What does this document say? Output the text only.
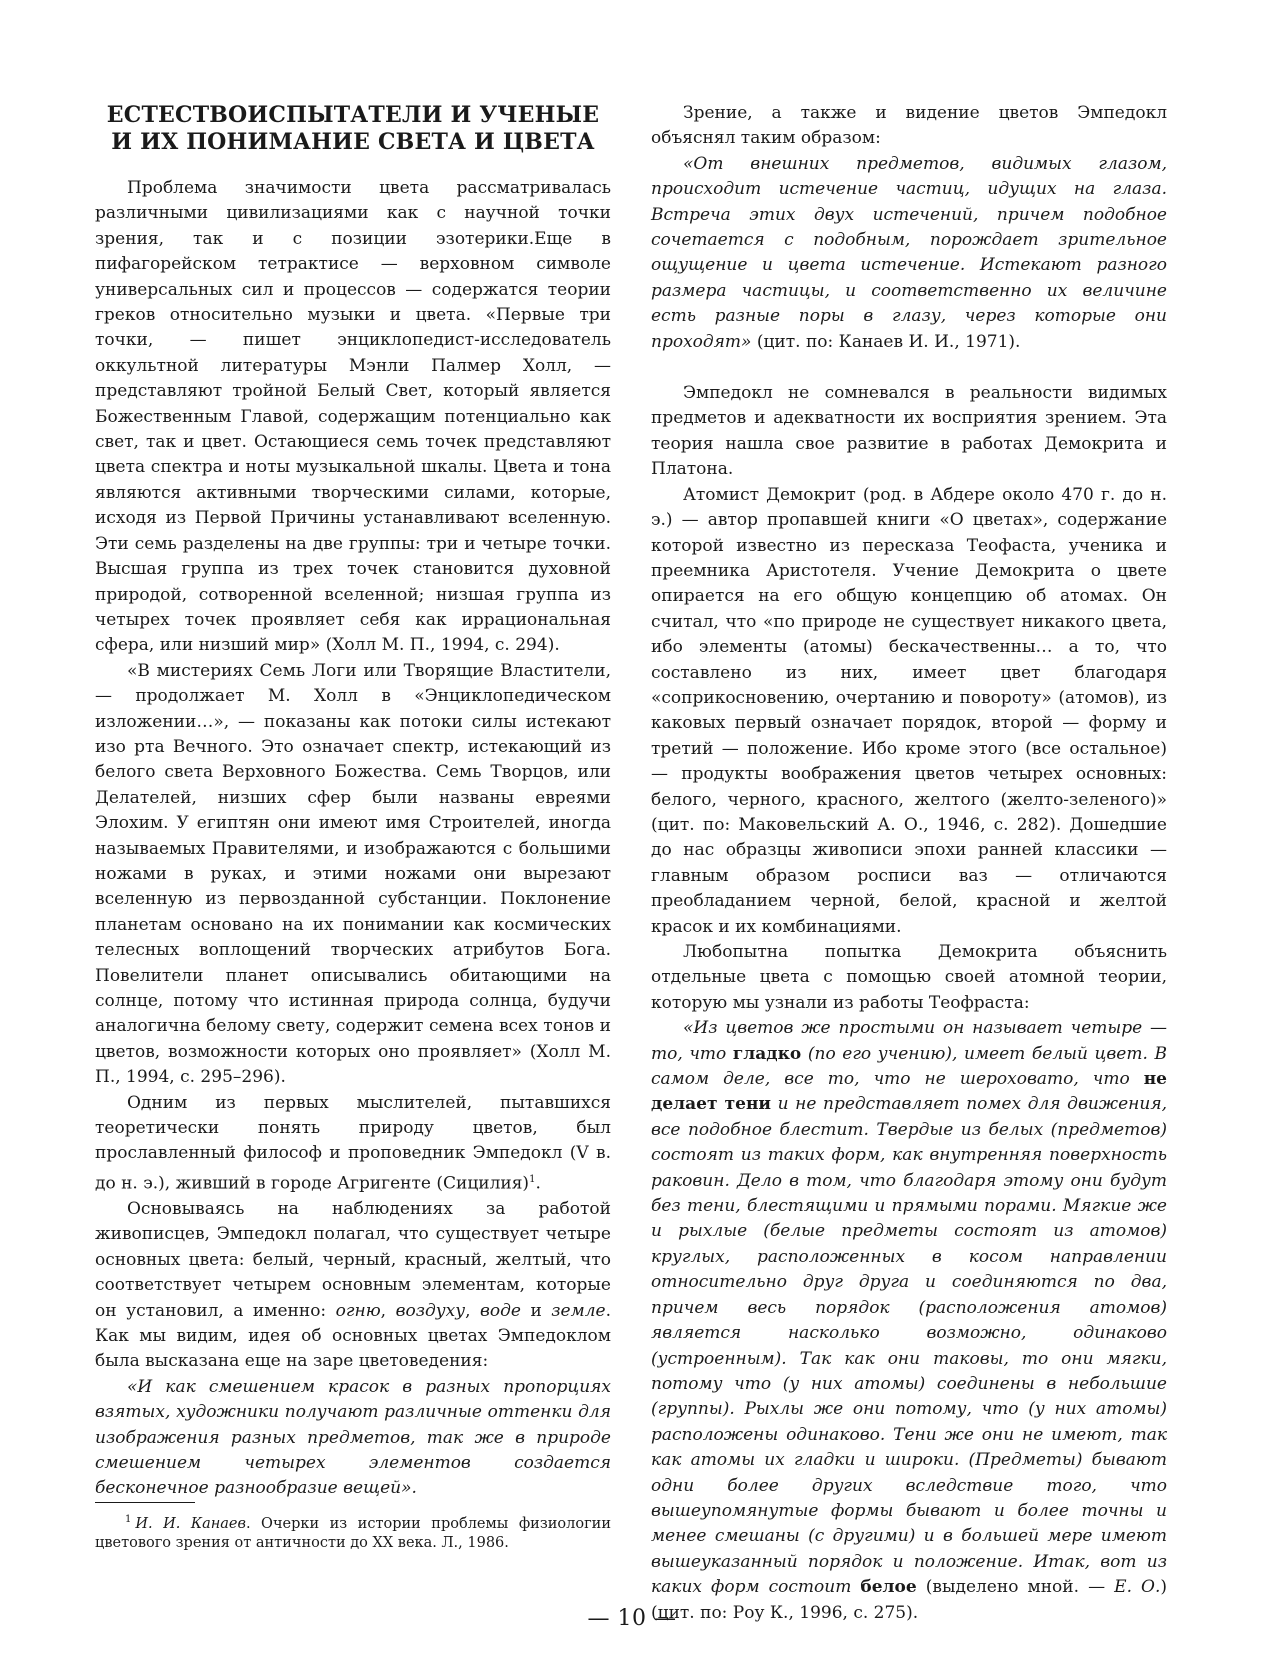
ЕСТЕСТВОИСПЫТАТЕЛИ И УЧЕНЫЕ
И ИХ ПОНИМАНИЕ СВЕТА И ЦВЕТА

Проблема значимости цвета рассматривалась различными цивилизациями как с научной точки зрения, так и с позиции эзотерики.Еще в пифагорейском тетрактисе — верховном символе универсальных сил и процессов — содержатся теории греков относительно музыки и цвета. «Первые три точки, — пишет энциклопедист-исследователь оккультной литературы Мэнли Палмер Холл, — представляют тройной Белый Свет, который является Божественным Главой, содержащим потенциально как свет, так и цвет. Остающиеся семь точек представляют цвета спектра и ноты музыкальной шкалы. Цвета и тона являются активными творческими силами, которые, исходя из Первой Причины устанавливают вселенную. Эти семь разделены на две группы: три и четыре точки. Высшая группа из трех точек становится духовной природой, сотворенной вселенной; низшая группа из четырех точек проявляет себя как иррациональная сфера, или низший мир» (Холл М. П., 1994, с. 294).

«В мистериях Семь Логи или Творящие Властители, — продолжает М. Холл в «Энциклопедическом изложении…», — показаны как потоки силы истекают изо рта Вечного. Это означает спектр, истекающий из белого света Верховного Божества. Семь Творцов, или Делателей, низших сфер были названы евреями Элохим. У египтян они имеют имя Строителей, иногда называемых Правителями, и изображаются с большими ножами в руках, и этими ножами они вырезают вселенную из первозданной субстанции. Поклонение планетам основано на их понимании как космических телесных воплощений творческих атрибутов Бога. Повелители планет описывались обитающими на солнце, потому что истинная природа солнца, будучи аналогична белому свету, содержит семена всех тонов и цветов, возможности которых оно проявляет» (Холл М. П., 1994, с. 295–296).

Одним из первых мыслителей, пытавшихся теоретически понять природу цветов, был прославленный философ и проповедник Эмпедокл (V в. до н. э.), живший в городе Агригенте (Сицилия)$^1$.

Основываясь на наблюдениях за работой живописцев, Эмпедокл полагал, что существует четыре основных цвета: белый, черный, красный, желтый, что соответствует четырем основным элементам, которые он установил, а именно: огню, воздуху, воде и земле. Как мы видим, идея об основных цветах Эмпедоклом была высказана еще на заре цветоведения:

«И как смешением красок в разных пропорциях взятых, художники получают различные оттенки для изображения разных предметов, так же в природе смешением четырех элементов создается бесконечное разнообразие вещей».

Зрение, а также и видение цветов Эмпедокл объяснял таким образом:

«От внешних предметов, видимых глазом, происходит истечение частиц, идущих на глаза. Встреча этих двух истечений, причем подобное сочетается с подобным, порождает зрительное ощущение и цвета истечение. Истекают разного размера частицы, и соответственно их величине есть разные поры в глазу, через которые они проходят» (цит. по: Канаев И. И., 1971).

Эмпедокл не сомневался в реальности видимых предметов и адекватности их восприятия зрением. Эта теория нашла свое развитие в работах Демокрита и Платона.

Атомист Демокрит (род. в Абдере около 470 г. до н. э.) — автор пропавшей книги «О цветах», содержание которой известно из пересказа Теофаста, ученика и преемника Аристотеля. Учение Демокрита о цвете опирается на его общую концепцию об атомах. Он считал, что «по природе не существует никакого цвета, ибо элементы (атомы) бескачественны… а то, что составлено из них, имеет цвет благодаря «соприкосновению, очертанию и повороту» (атомов), из каковых первый означает порядок, второй — форму и третий — положение. Ибо кроме этого (все остальное) — продукты воображения цветов четырех основных: белого, черного, красного, желтого (желто-зеленого)» (цит. по: Маковельский А. О., 1946, с. 282). Дошедшие до нас образцы живописи эпохи ранней классики — главным образом росписи ваз — отличаются преобладанием черной, белой, красной и желтой красок и их комбинациями.

Любопытна попытка Демокрита объяснить отдельные цвета с помощью своей атомной теории, которую мы узнали из работы Теофраста:

«Из цветов же простыми он называет четыре — то, что гладко (по его учению), имеет белый цвет. В самом деле, все то, что не шероховато, что не делает тени и не представляет помех для движения, все подобное блестит. Твердые из белых (предметов) состоят из таких форм, как внутренняя поверхность раковин. Дело в том, что благодаря этому они будут без тени, блестящими и прямыми порами. Мягкие же и рыхлые (белые предметы состоят из атомов) круглых, расположенных в косом направлении относительно друг друга и соединяются по два, причем весь порядок (расположения атомов) является насколько возможно, одинаково (устроенным). Так как они таковы, то они мягки, потому что (у них атомы) соединены в небольшие (группы). Рыхлы же они потому, что (у них атомы) расположены одинаково. Тени же они не имеют, так как атомы их гладки и широки. (Предметы) бывают одни более других вследствие того, что вышеупомянутые формы бывают и более точны и менее смешаны (с другими) и в большей мере имеют вышеуказанный порядок и положение. Итак, вот из каких форм состоит белое (выделено мной. — Е. О.) (цит. по: Роу К., 1996, с. 275).

$^1$ И. И. Канаев. Очерки из истории проблемы физиологии цветового зрения от античности до XX века. Л., 1986.
— 10 —
